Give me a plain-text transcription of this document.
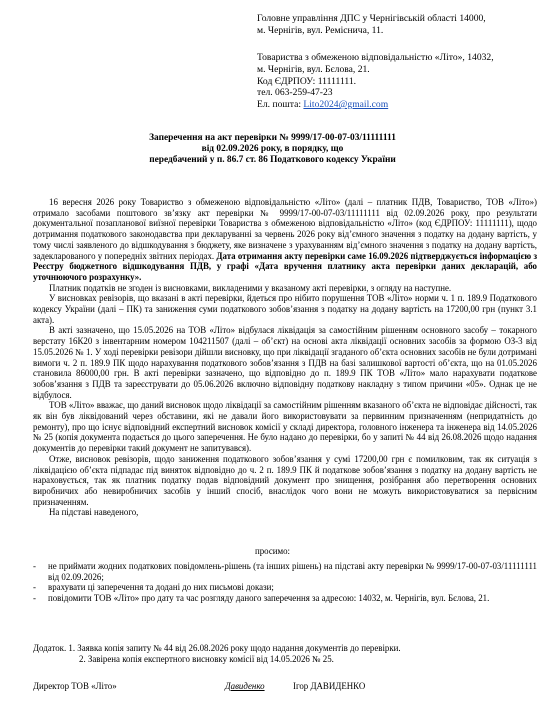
Головне управління ДПС у Чернігівській області 14000,
м. Чернігів, вул. Реміснича, 11.
Товариства з обмеженою відповідальністю «Літо», 14032,
м. Чернігів, вул. Бєлова, 21.
Код ЄДРПОУ: 11111111.
тел. 063-259-47-23
Ел. пошта: Lito2024@gmail.com
Заперечення на акт перевірки № 9999/17-00-07-03/11111111
від 02.09.2026 року, в порядку, що
передбачений у п. 86.7 ст. 86 Податкового кодексу України

16 вересня 2026 року Товариство з обмеженою відповідальністю «Літо» (далі – платник ПДВ, Товариство, ТОВ «Літо») отримало засобами поштового зв’язку акт перевірки № 9999/17-00-07-03/11111111 від 02.09.2026 року, про результати документальної позапланової виїзної перевірки Товариства з обмеженою відповідальністю «Літо» (код ЄДРПОУ: 11111111), щодо дотримання податкового законодавства при декларуванні за червень 2026 року від’ємного значення з податку на додану вартість, у тому числі заявленого до відшкодування з бюджету, яке визначене з урахуванням від’ємного значення з податку на додану вартість, задекларованого у попередніх звітних періодах. Дата отримання акту перевірки саме 16.09.2026 підтверджується інформацією з Реєстру бюджетного відшкодування ПДВ, у графі «Дата вручення платнику акта перевірки даних декларацій, або уточнюючого розрахунку».

Платник податків не згоден із висновками, викладеними у вказаному акті перевірки, з огляду на наступне.

У висновках ревізорів, що вказані в акті перевірки, йдеться про нібито порушення ТОВ «Літо» норми ч. 1 п. 189.9 Податкового кодексу України (далі – ПК) та заниження суми податкового зобов’язання з податку на додану вартість на 17200,00 грн (пункт 3.1 акта).

В акті зазначено, що 15.05.2026 на ТОВ «Літо» відбулася ліквідація за самостійним рішенням основного засобу – токарного верстату 16К20 з інвентарним номером 104211507 (далі – об’єкт) на основі акта ліквідації основних засобів за формою ОЗ-3 від 15.05.2026 № 1. У ході перевірки ревізори дійшли висновку, що при ліквідації згаданого об’єкта основних засобів не були дотримані вимоги ч. 2 п. 189.9 ПК щодо нарахування податкового зобов’язання з ПДВ на базі залишкової вартості об’єкта, що на 01.05.2026 становила 86000,00 грн. В акті перевірки зазначено, що відповідно до п. 189.9 ПК ТОВ «Літо» мало нарахувати податкове зобов’язання з ПДВ та зареєструвати до 05.06.2026 включно відповідну податкову накладну з типом причини «05». Однак це не відбулося.

ТОВ «Літо» вважає, що даний висновок щодо ліквідації за самостійним рішенням вказаного об’єкта не відповідає дійсності, так як він був ліквідований через обставини, які не давали його використовувати за первинним призначенням (непридатність до ремонту), про що існує відповідний експертний висновок комісії у складі директора, головного інженера та інженера від 14.05.2026 № 25 (копія документа подається до цього заперечення. Не було надано до перевірки, бо у запиті № 44 від 26.08.2026 щодо надання документів до перевірки такий документ не запитувався).

Отже, висновок ревізорів, щодо заниження податкового зобов’язання у сумі 17200,00 грн є помилковим, так як ситуація з ліквідацією об’єкта підпадає під виняток відповідно до ч. 2 п. 189.9 ПК й податкове зобов’язання з податку на додану вартість не нараховується, так як платник податку подав відповідний документ про знищення, розібрання або перетворення основних виробничих або невиробничих засобів у інший спосіб, внаслідок чого вони не можуть використовуватися за первісним призначенням.

На підставі наведеного,

просимо:
- не приймати жодних податкових повідомлень-рішень (та інших рішень) на підставі акту перевірки № 9999/17-00-07-03/11111111 від 02.09.2026;
- врахувати ці заперечення та додані до них письмові докази;
- повідомити ТОВ «Літо» про дату та час розгляду даного заперечення за адресою: 14032, м. Чернігів, вул. Бєлова, 21.
Додаток. 1. Заявка копія запиту № 44 від 26.08.2026 року щодо надання документів до перевірки.
2. Завірена копія експертного висновку комісії від 14.05.2026 № 25.
Директор ТОВ «Літо»	Давиденко	Ігор ДАВИДЕНКО
